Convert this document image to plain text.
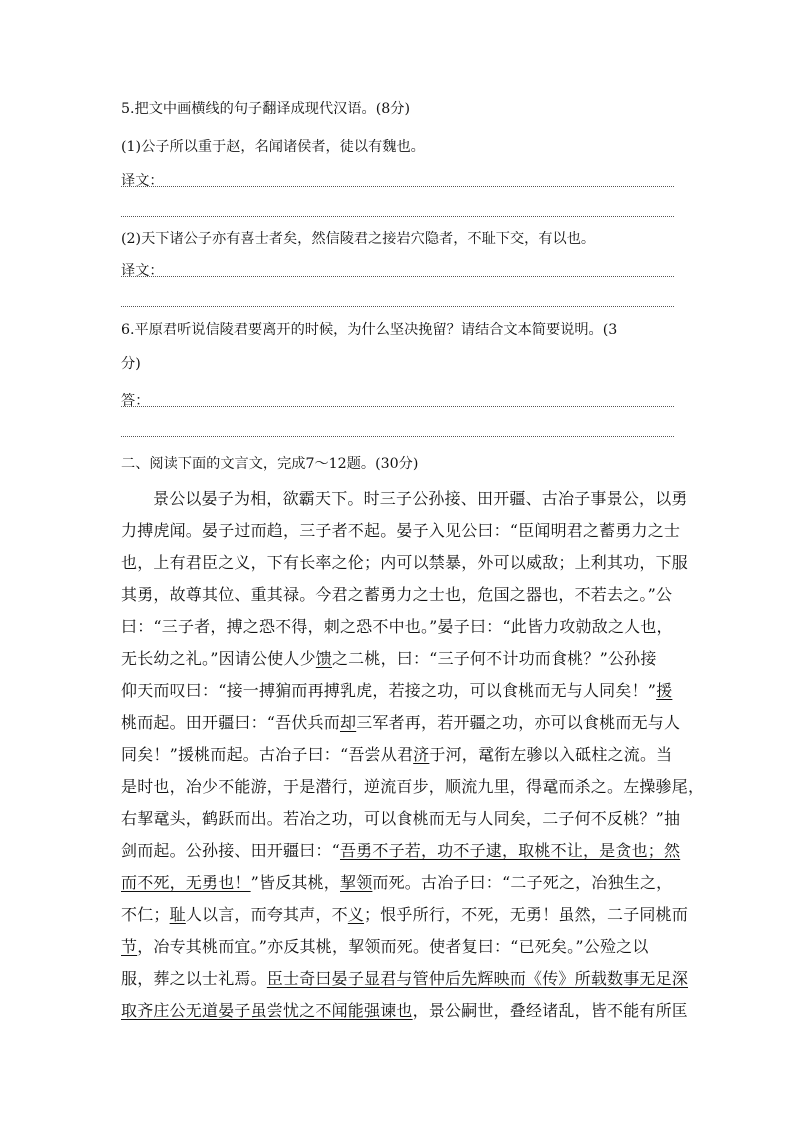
5.把文中画横线的句子翻译成现代汉语。(8分)
(1)公子所以重于赵，名闻诸侯者，徒以有魏也。
译文：
(2)天下诸公子亦有喜士者矣，然信陵君之接岩穴隐者，不耻下交，有以也。
译文：
6.平原君听说信陵君要离开的时候，为什么坚决挽留？请结合文本简要说明。(3
分)
答：
二、阅读下面的文言文，完成7～12题。(30分)
景公以晏子为相，欲霸天下。时三子公孙接、田开疆、古冶子事景公，以勇
力搏虎闻。晏子过而趋，三子者不起。晏子入见公曰：“臣闻明君之蓄勇力之士
也，上有君臣之义，下有长率之伦；内可以禁暴，外可以威敌；上利其功，下服
其勇，故尊其位、重其禄。今君之蓄勇力之士也，危国之器也，不若去之。”公
曰：“三子者，搏之恐不得，刺之恐不中也。”晏子曰：“此皆力攻勍敌之人也，
无长幼之礼。”因请公使人少馈之二桃，曰：“三子何不计功而食桃？”公孙接
仰天而叹曰：“接一搏猏而再搏乳虎，若接之功，可以食桃而无与人同矣！”援
桃而起。田开疆曰：“吾伏兵而却三军者再，若开疆之功，亦可以食桃而无与人
同矣！”援桃而起。古冶子曰：“吾尝从君济于河，鼋衔左骖以入砥柱之流。当
是时也，冶少不能游，于是潜行，逆流百步，顺流九里，得鼋而杀之。左操骖尾，
右挈鼋头，鹤跃而出。若冶之功，可以食桃而无与人同矣，二子何不反桃？”抽
剑而起。公孙接、田开疆曰：“吾勇不子若，功不子逮，取桃不让，是贪也；然
而不死，无勇也！”皆反其桃，挈领而死。古冶子曰：“二子死之，冶独生之，
不仁；耻人以言，而夸其声，不义；恨乎所行，不死，无勇！虽然，二子同桃而
节，冶专其桃而宜。”亦反其桃，挈领而死。使者复曰：“已死矣。”公殓之以
服，葬之以士礼焉。臣士奇曰晏子显君与管仲后先辉映而《传》所载数事无足深
取齐庄公无道晏子虽尝忧之不闻能强谏也，景公嗣世，叠经诸乱，皆不能有所匡
